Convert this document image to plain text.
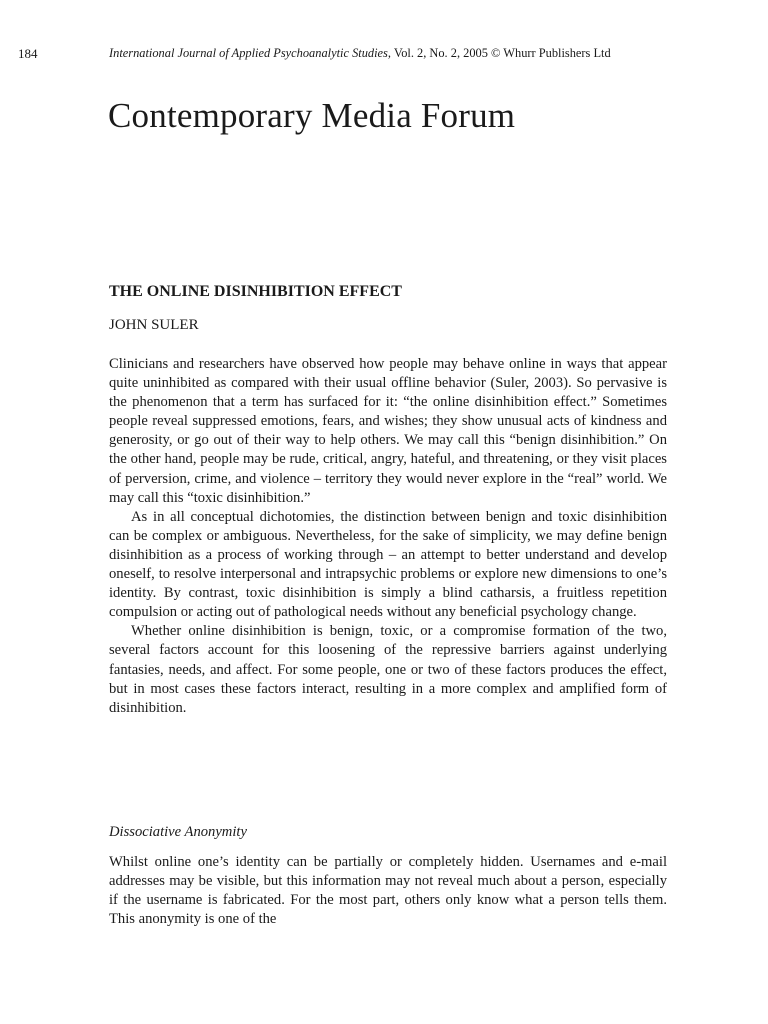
184	International Journal of Applied Psychoanalytic Studies, Vol. 2, No. 2, 2005 © Whurr Publishers Ltd
Contemporary Media Forum
THE ONLINE DISINHIBITION EFFECT
JOHN SULER

Clinicians and researchers have observed how people may behave online in ways that appear quite uninhibited as compared with their usual offline behavior (Suler, 2003). So pervasive is the phenomenon that a term has surfaced for it: “the online disinhibition effect.” Sometimes people reveal suppressed emotions, fears, and wishes; they show unusual acts of kindness and generosity, or go out of their way to help others. We may call this “benign disinhibition.” On the other hand, people may be rude, critical, angry, hateful, and threatening, or they visit places of perversion, crime, and violence – territory they would never explore in the “real” world. We may call this “toxic disinhibition.”

As in all conceptual dichotomies, the distinction between benign and toxic disinhibition can be complex or ambiguous. Nevertheless, for the sake of simplicity, we may define benign disinhibition as a process of working through – an attempt to better understand and develop oneself, to resolve interpersonal and intrapsychic problems or explore new dimensions to one’s identity. By contrast, toxic disinhibition is simply a blind catharsis, a fruitless repetition compulsion or acting out of pathological needs without any beneficial psychology change.

Whether online disinhibition is benign, toxic, or a compromise formation of the two, several factors account for this loosening of the repressive barriers against underlying fantasies, needs, and affect. For some people, one or two of these factors produces the effect, but in most cases these factors interact, resulting in a more complex and amplified form of disinhibition.

Dissociative Anonymity

Whilst online one’s identity can be partially or completely hidden. Usernames and e-mail addresses may be visible, but this information may not reveal much about a person, especially if the username is fabricated. For the most part, others only know what a person tells them. This anonymity is one of the
